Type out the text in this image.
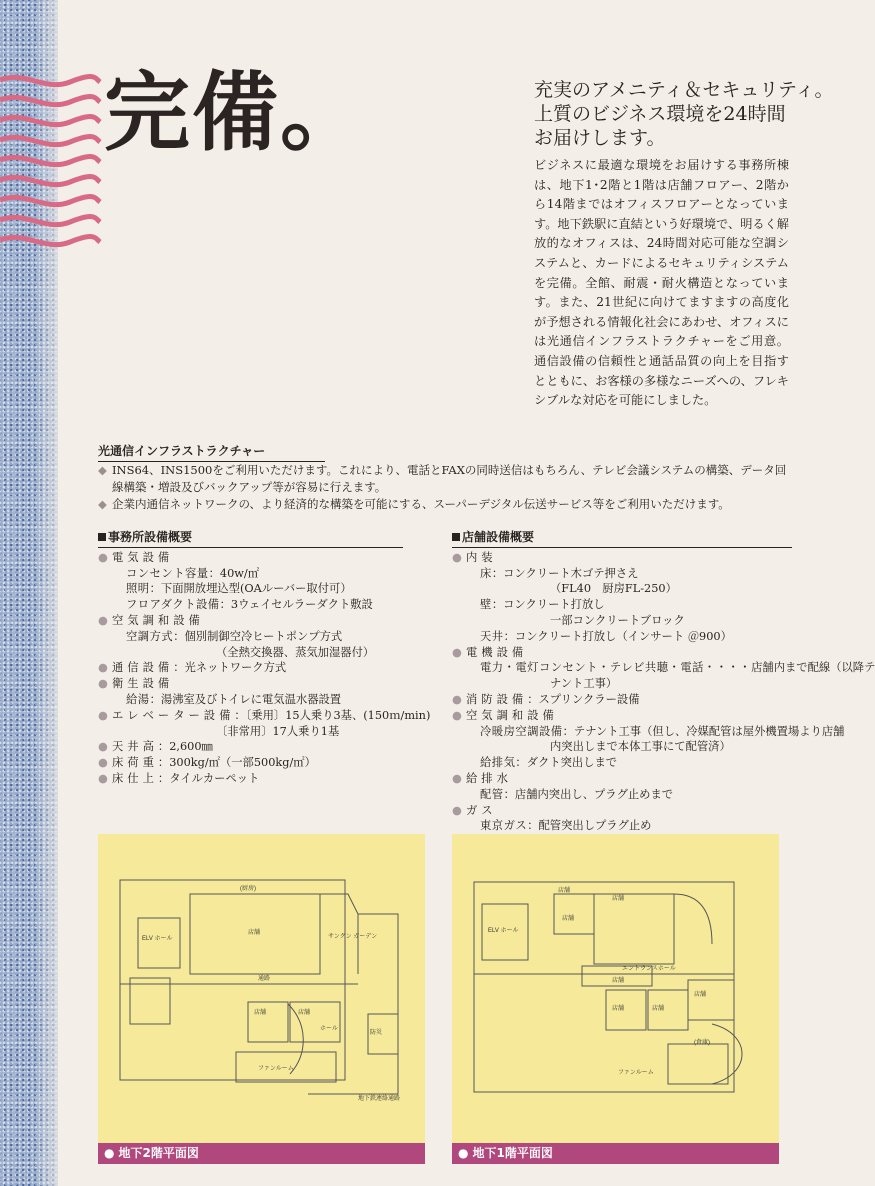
完備。	充実のアメニティ＆セキュリティ。
上質のビジネス環境を24時間
お届けします。
ビジネスに最適な環境をお届けする事務所棟は、地下1･2階と1階は店舗フロアー、2階から14階まではオフィスフロアーとなっています。地下鉄駅に直結という好環境で、明るく解放的なオフィスは、24時間対応可能な空調システムと、カードによるセキュリティシステムを完備。全館、耐震・耐火構造となっています。また、21世紀に向けてますますの高度化が予想される情報化社会にあわせ、オフィスには光通信インフラストラクチャーをご用意。通信設備の信頼性と通話品質の向上を目指すとともに、お客様の多様なニーズへの、フレキシブルな対応を可能にしました。
光通信インフラストラクチャー
◆ INS64、INS1500をご利用いただけます。これにより、電話とFAXの同時送信はもちろん、テレビ会議システムの構築、データ回線構築・増設及びバックアップ等が容易に行えます。
◆ 企業内通信ネットワークの、より経済的な構築を可能にする、スーパーデジタル伝送サービス等をご利用いただけます。
事務所設備概要
● 電気設備
コンセント容量 ：40w/㎡
照明 ：下面開放埋込型(OAルーバー取付可）
フロアダクト設備 ：3ウェイセルラーダクト敷設
● 空気調和設備
空調方式 ：個別制御空冷ヒートポンプ方式
（全熱交換器、蒸気加湿器付）
● 通信設備 ：光ネットワーク方式
● 衛生設備
給湯 ：湯沸室及びトイレに電気温水器設置
● エレベーター設備 ：〔乗用〕15人乗り3基、(150ｍ/min)
〔非常用〕17人乗り1基
● 天井高 ：2,600㎜
● 床荷重 ：300kg/㎡（一部500kg/㎡）
● 床仕上 ：タイルカーペット
店舗設備概要
● 内装
床 ：コンクリート木ゴテ押さえ
（FL40　厨房FL-250）
壁 ：コンクリート打放し
一部コンクリートブロック
天井 ：コンクリート打放し（インサート ＠900）
● 電機設備
電力・電灯コンセント・テレビ共聴・電話・・・・ 店舗内まで配線（以降テ
ナント工事）
● 消防設備 ：スプリンクラー設備
● 空気調和設備
冷暖房空調設備 ：テナント工事（但し、冷媒配管は屋外機置場より店舗
内突出しまで本体工事にて配管済）
給排気 ：ダクト突出しまで
● 給排水
配管 ：店舗内突出し、プラグ止めまで
● ガス
東京ガス ：配管突出しプラグ止め
(厨房)
店舗
サンクン ガーデン
通路
ELV ホール
店舗	店舗
ホール
ファンルーム
防災
地下鉄連絡通路
● 地下2階平面図
店舗
店舗
店舗
ELV ホール
エントランスホール
店舗	店舗
店舗
店舗
(倉庫)
ファンルーム
● 地下1階平面図
